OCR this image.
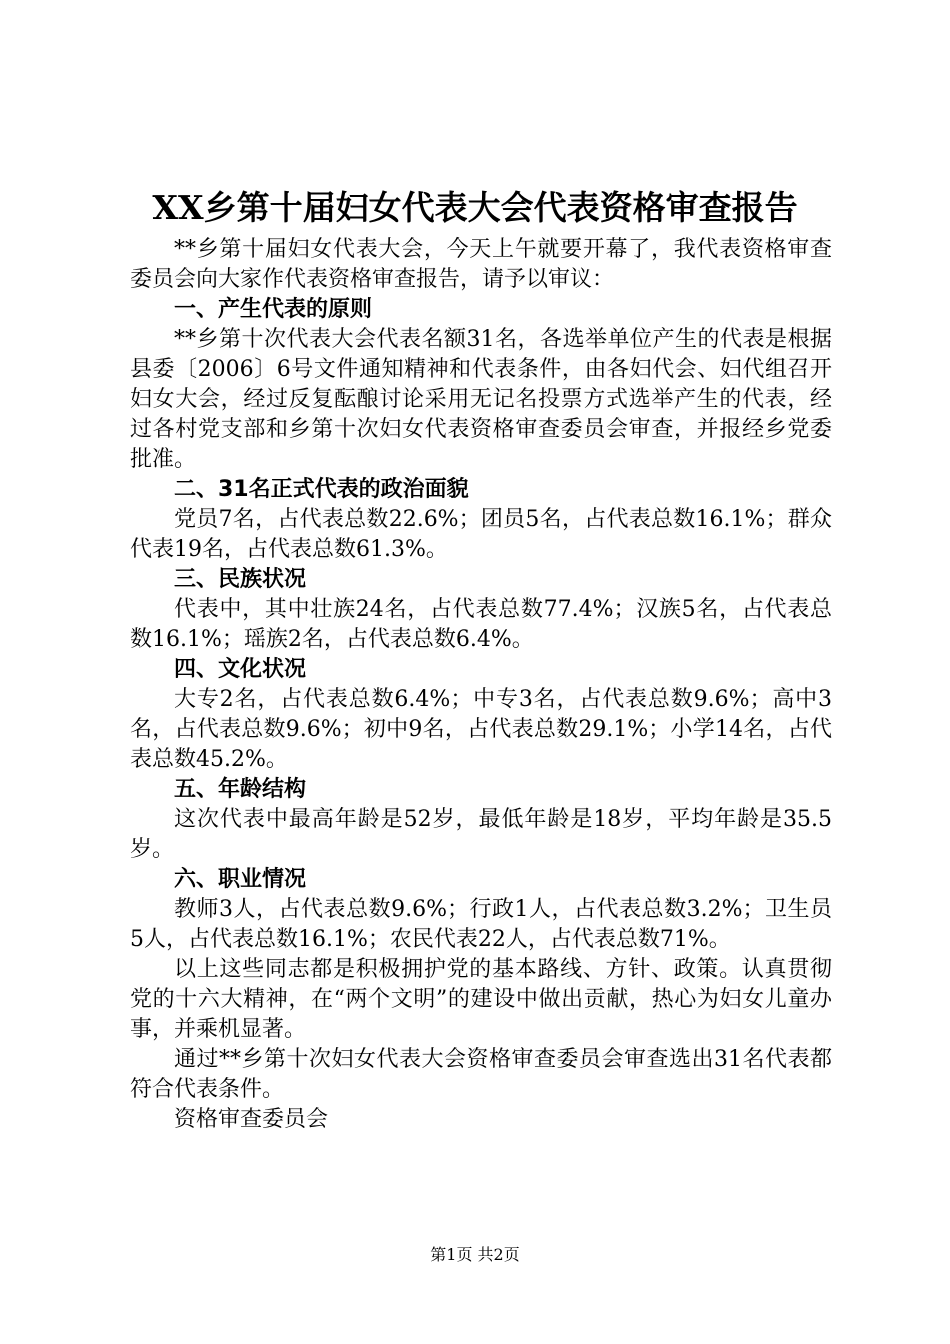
XX乡第十届妇女代表大会代表资格审查报告

**乡第十届妇女代表大会，今天上午就要开幕了，我代表资格审查委员会向大家作代表资格审查报告，请予以审议：

一、产生代表的原则

**乡第十次代表大会代表名额31名，各选举单位产生的代表是根据县委〔2006〕6号文件通知精神和代表条件，由各妇代会、妇代组召开妇女大会，经过反复酝酿讨论采用无记名投票方式选举产生的代表，经过各村党支部和乡第十次妇女代表资格审查委员会审查，并报经乡党委批准。

二、31名正式代表的政治面貌

党员7名，占代表总数22.6%；团员5名，占代表总数16.1%；群众代表19名，占代表总数61.3%。

三、民族状况

代表中，其中壮族24名，占代表总数77.4%；汉族5名，占代表总数16.1%；瑶族2名，占代表总数6.4%。

四、文化状况

大专2名，占代表总数6.4%；中专3名，占代表总数9.6%；高中3名，占代表总数9.6%；初中9名，占代表总数29.1%；小学14名，占代表总数45.2%。

五、年龄结构

这次代表中最高年龄是52岁，最低年龄是18岁，平均年龄是35.5岁。

六、职业情况

教师3人，占代表总数9.6%；行政1人，占代表总数3.2%；卫生员5人，占代表总数16.1%；农民代表22人，占代表总数71%。

以上这些同志都是积极拥护党的基本路线、方针、政策。认真贯彻党的十六大精神，在“两个文明”的建设中做出贡献，热心为妇女儿童办事，并乘机显著。

通过**乡第十次妇女代表大会资格审查委员会审查选出31名代表都符合代表条件。

资格审查委员会

第1页 共2页
